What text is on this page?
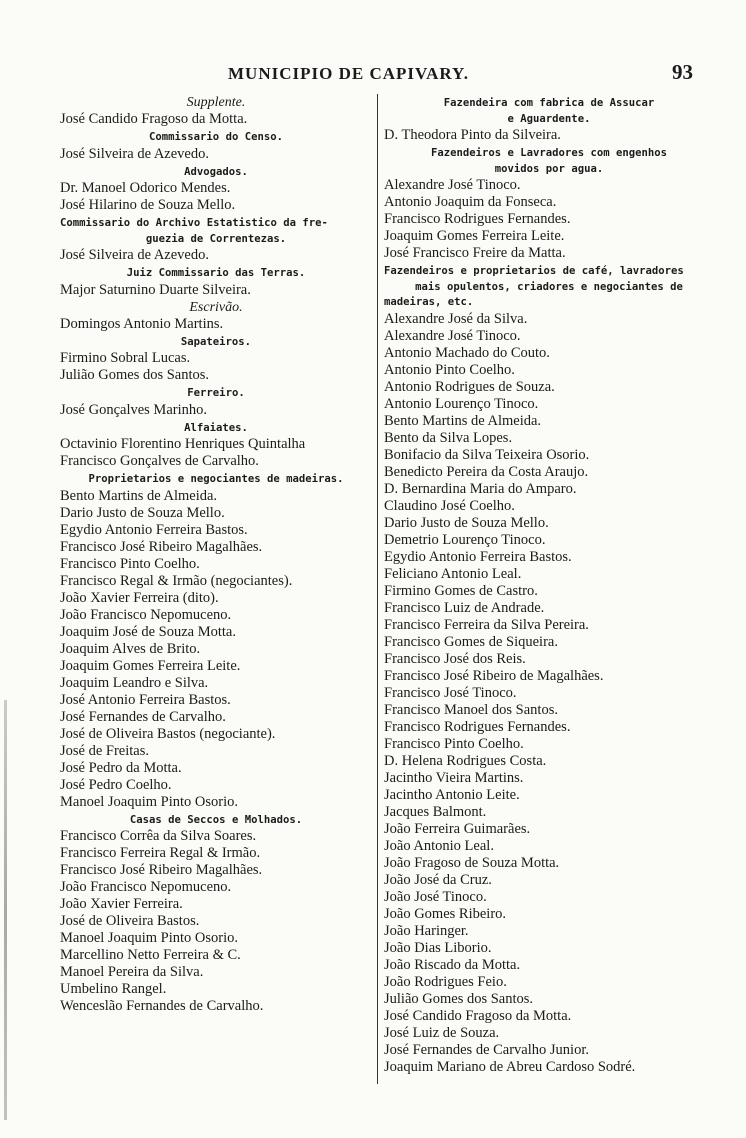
MUNICIPIO DE CAPIVARY.	93
Supplente.
José Candido Fragoso da Motta.
Commissario do Censo.
José Silveira de Azevedo.
Advogados.
Dr. Manoel Odorico Mendes.
José Hilarino de Souza Mello.
Commissario do Archivo Estatistico da fre-
guezia de Correntezas.
José Silveira de Azevedo.
Juiz Commissario das Terras.
Major Saturnino Duarte Silveira.
Escrivão.
Domingos Antonio Martins.
Sapateiros.
Firmino Sobral Lucas.
Julião Gomes dos Santos.
Ferreiro.
José Gonçalves Marinho.
Alfaiates.
Octavinio Florentino Henriques Quintalha
Francisco Gonçalves de Carvalho.
Proprietarios e negociantes de madeiras.
Bento Martins de Almeida.
Dario Justo de Souza Mello.
Egydio Antonio Ferreira Bastos.
Francisco José Ribeiro Magalhães.
Francisco Pinto Coelho.
Francisco Regal & Irmão (negociantes).
João Xavier Ferreira (dito).
João Francisco Nepomuceno.
Joaquim José de Souza Motta.
Joaquim Alves de Brito.
Joaquim Gomes Ferreira Leite.
Joaquim Leandro e Silva.
José Antonio Ferreira Bastos.
José Fernandes de Carvalho.
José de Oliveira Bastos (negociante).
José de Freitas.
José Pedro da Motta.
José Pedro Coelho.
Manoel Joaquim Pinto Osorio.
Casas de Seccos e Molhados.
Francisco Corrêa da Silva Soares.
Francisco Ferreira Regal & Irmão.
Francisco José Ribeiro Magalhães.
João Francisco Nepomuceno.
João Xavier Ferreira.
José de Oliveira Bastos.
Manoel Joaquim Pinto Osorio.
Marcellino Netto Ferreira & C.
Manoel Pereira da Silva.
Umbelino Rangel.
Wenceslão Fernandes de Carvalho.
Fazendeira com fabrica de Assucar
e Aguardente.
D. Theodora Pinto da Silveira.
Fazendeiros e Lavradores com engenhos
movidos por agua.
Alexandre José Tinoco.
Antonio Joaquim da Fonseca.
Francisco Rodrigues Fernandes.
Joaquim Gomes Ferreira Leite.
José Francisco Freire da Matta.
Fazendeiros e proprietarios de café, lavradores
mais opulentos, criadores e negociantes de
madeiras, etc.
Alexandre José da Silva.
Alexandre José Tinoco.
Antonio Machado do Couto.
Antonio Pinto Coelho.
Antonio Rodrigues de Souza.
Antonio Lourenço Tinoco.
Bento Martins de Almeida.
Bento da Silva Lopes.
Bonifacio da Silva Teixeira Osorio.
Benedicto Pereira da Costa Araujo.
D. Bernardina Maria do Amparo.
Claudino José Coelho.
Dario Justo de Souza Mello.
Demetrio Lourenço Tinoco.
Egydio Antonio Ferreira Bastos.
Feliciano Antonio Leal.
Firmino Gomes de Castro.
Francisco Luiz de Andrade.
Francisco Ferreira da Silva Pereira.
Francisco Gomes de Siqueira.
Francisco José dos Reis.
Francisco José Ribeiro de Magalhães.
Francisco José Tinoco.
Francisco Manoel dos Santos.
Francisco Rodrigues Fernandes.
Francisco Pinto Coelho.
D. Helena Rodrigues Costa.
Jacintho Vieira Martins.
Jacintho Antonio Leite.
Jacques Balmont.
João Ferreira Guimarães.
João Antonio Leal.
João Fragoso de Souza Motta.
João José da Cruz.
João José Tinoco.
João Gomes Ribeiro.
João Haringer.
João Dias Liborio.
João Riscado da Motta.
João Rodrigues Feio.
Julião Gomes dos Santos.
José Candido Fragoso da Motta.
José Luiz de Souza.
José Fernandes de Carvalho Junior.
Joaquim Mariano de Abreu Cardoso Sodré.
